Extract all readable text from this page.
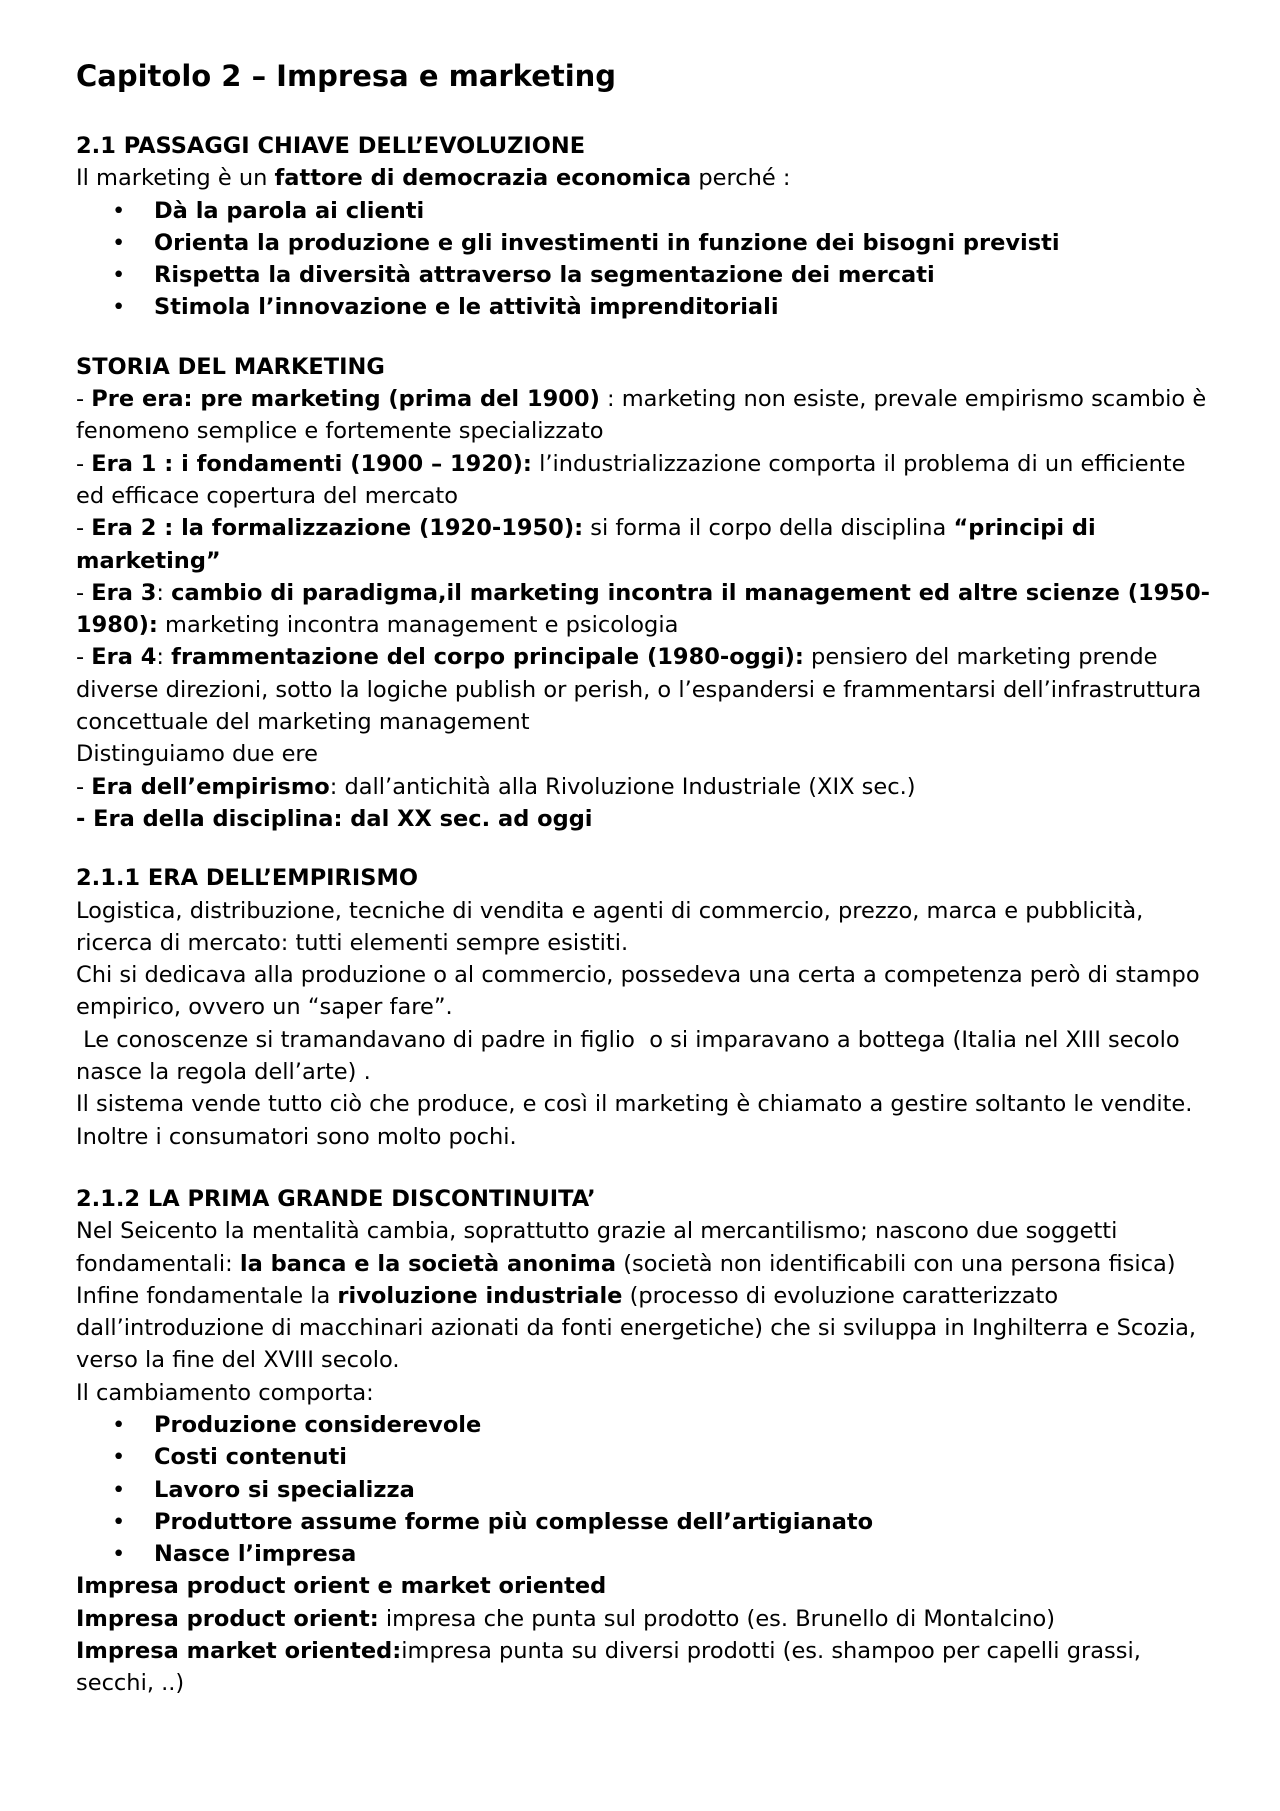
Capitolo 2 – Impresa e marketing

2.1 PASSAGGI CHIAVE DELL’EVOLUZIONE

Il marketing è un fattore di democrazia economica perché :

• Dà la parola ai clienti
• Orienta la produzione e gli investimenti in funzione dei bisogni previsti
• Rispetta la diversità attraverso la segmentazione dei mercati
• Stimola l’innovazione e le attività imprenditoriali

STORIA DEL MARKETING

- Pre era: pre marketing (prima del 1900) : marketing non esiste, prevale empirismo scambio è fenomeno semplice e fortemente specializzato

- Era 1 : i fondamenti (1900 – 1920): l’industrializzazione comporta il problema di un efficiente ed efficace copertura del mercato

- Era 2 : la formalizzazione (1920-1950): si forma il corpo della disciplina “principi di marketing”

- Era 3: cambio di paradigma,il marketing incontra il management ed altre scienze (1950-1980): marketing incontra management e psicologia

- Era 4: frammentazione del corpo principale (1980-oggi): pensiero del marketing prende diverse direzioni, sotto la logiche publish or perish, o l’espandersi e frammentarsi dell’infrastruttura concettuale del marketing management

Distinguiamo due ere

- Era dell’empirismo: dall’antichità alla Rivoluzione Industriale (XIX sec.)

- Era della disciplina: dal XX sec. ad oggi

2.1.1 ERA DELL’EMPIRISMO

Logistica, distribuzione, tecniche di vendita e agenti di commercio, prezzo, marca e pubblicità, ricerca di mercato: tutti elementi sempre esistiti.

Chi si dedicava alla produzione o al commercio, possedeva una certa a competenza però di stampo empirico, ovvero un “saper fare”.

Le conoscenze si tramandavano di padre in figlio  o si imparavano a bottega (Italia nel XIII secolo nasce la regola dell’arte) .

Il sistema vende tutto ciò che produce, e così il marketing è chiamato a gestire soltanto le vendite. Inoltre i consumatori sono molto pochi.

2.1.2 LA PRIMA GRANDE DISCONTINUITA’

Nel Seicento la mentalità cambia, soprattutto grazie al mercantilismo; nascono due soggetti fondamentali: la banca e la società anonima (società non identificabili con una persona fisica)

Infine fondamentale la rivoluzione industriale (processo di evoluzione caratterizzato dall’introduzione di macchinari azionati da fonti energetiche) che si sviluppa in Inghilterra e Scozia, verso la fine del XVIII secolo.

Il cambiamento comporta:

• Produzione considerevole
• Costi contenuti
• Lavoro si specializza
• Produttore assume forme più complesse dell’artigianato
• Nasce l’impresa

Impresa product orient e market oriented

Impresa product orient: impresa che punta sul prodotto (es. Brunello di Montalcino)

Impresa market oriented:impresa punta su diversi prodotti (es. shampoo per capelli grassi, secchi, ..)
